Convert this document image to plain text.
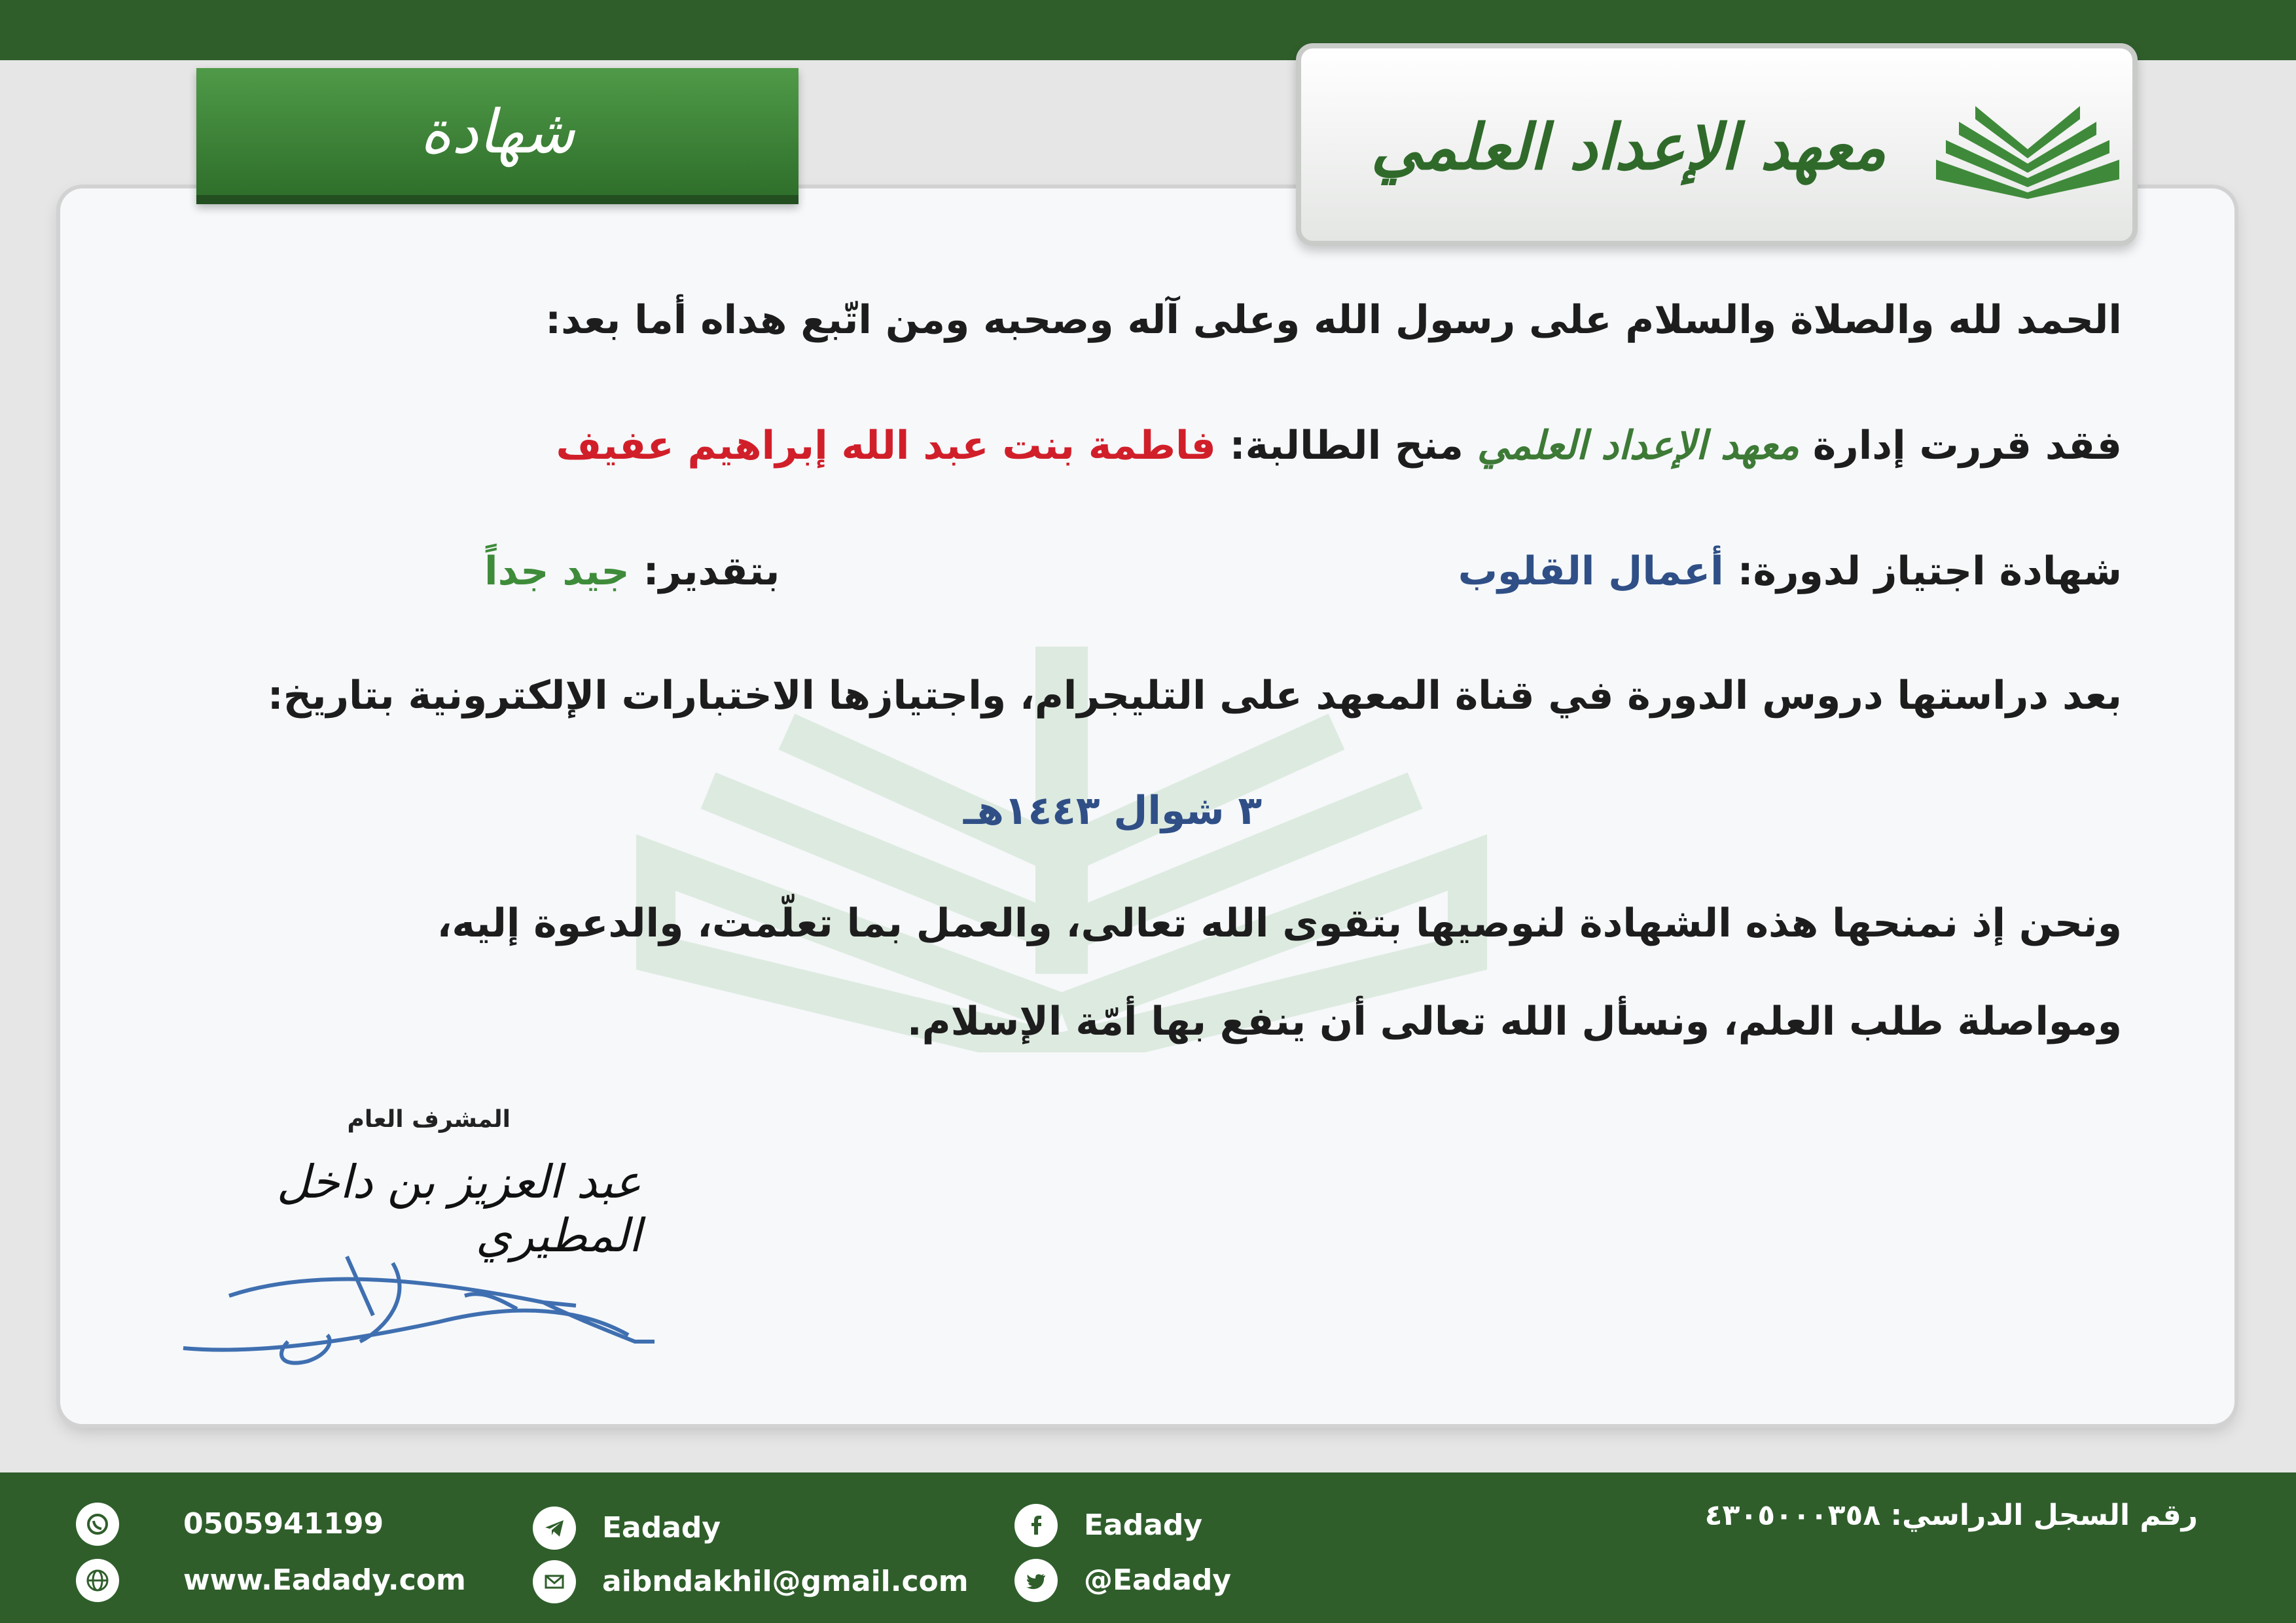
شهادة	معهد الإعداد العلمي
الحمد لله والصلاة والسلام على رسول الله وعلى آله وصحبه ومن اتّبع هداه أما بعد:
فقد قررت إدارة معهد الإعداد العلمي منح الطالبة: فاطمة بنت عبد الله إبراهيم عفيف
شهادة اجتياز لدورة: أعمال القلوب
بتقدير: جيد جداً
بعد دراستها دروس الدورة في قناة المعهد على التليجرام، واجتيازها الاختبارات الإلكترونية بتاريخ:
٣ شوال ١٤٤٣هـ
ونحن إذ نمنحها هذه الشهادة لنوصيها بتقوى الله تعالى، والعمل بما تعلّمت، والدعوة إليه،
ومواصلة طلب العلم، ونسأل الله تعالى أن ينفع بها أمّة الإسلام.
المشرف العام
عبد العزيز بن داخل المطيري
0505941199
www.Eadady.com
Eadady
aibndakhil@gmail.com
Eadady
@Eadady
رقم السجل الدراسي: ٤٣٠٥٠٠٠٣٥٨
